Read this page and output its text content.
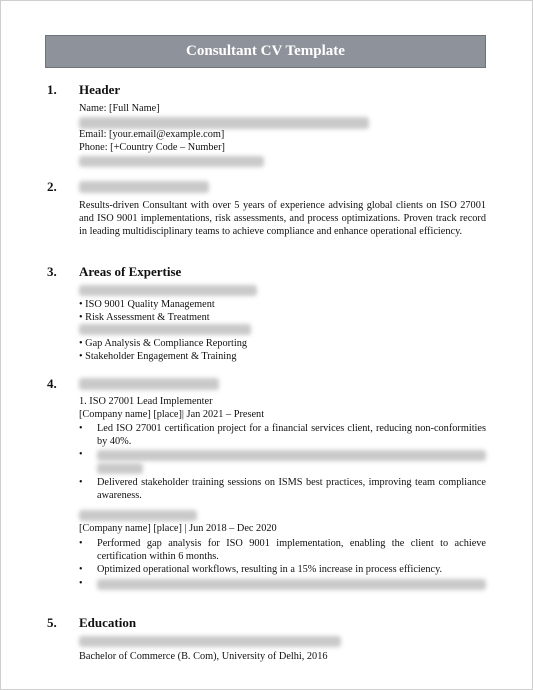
Consultant CV Template
1. Header
Name: [Full Name]
Email: [your.email@example.com]
Phone: [+Country Code – Number]
2.
Results-driven Consultant with over 5 years of experience advising global clients on ISO 27001 and ISO 9001 implementations, risk assessments, and process optimizations. Proven track record in leading multidisciplinary teams to achieve compliance and enhance operational efficiency.
3. Areas of Expertise
• ISO 9001 Quality Management
• Risk Assessment & Treatment
• Gap Analysis & Compliance Reporting
• Stakeholder Engagement & Training
4.
1. ISO 27001 Lead Implementer
[Company name] [place]| Jan 2021 – Present
• Led ISO 27001 certification project for a financial services client, reducing non-conformities by 40%.
•
• Delivered stakeholder training sessions on ISMS best practices, improving team compliance awareness.
[Company name] [place] | Jun 2018 – Dec 2020
• Performed gap analysis for ISO 9001 implementation, enabling the client to achieve certification within 6 months.
• Optimized operational workflows, resulting in a 15% increase in process efficiency.
•
5. Education
Bachelor of Commerce (B. Com), University of Delhi, 2016
